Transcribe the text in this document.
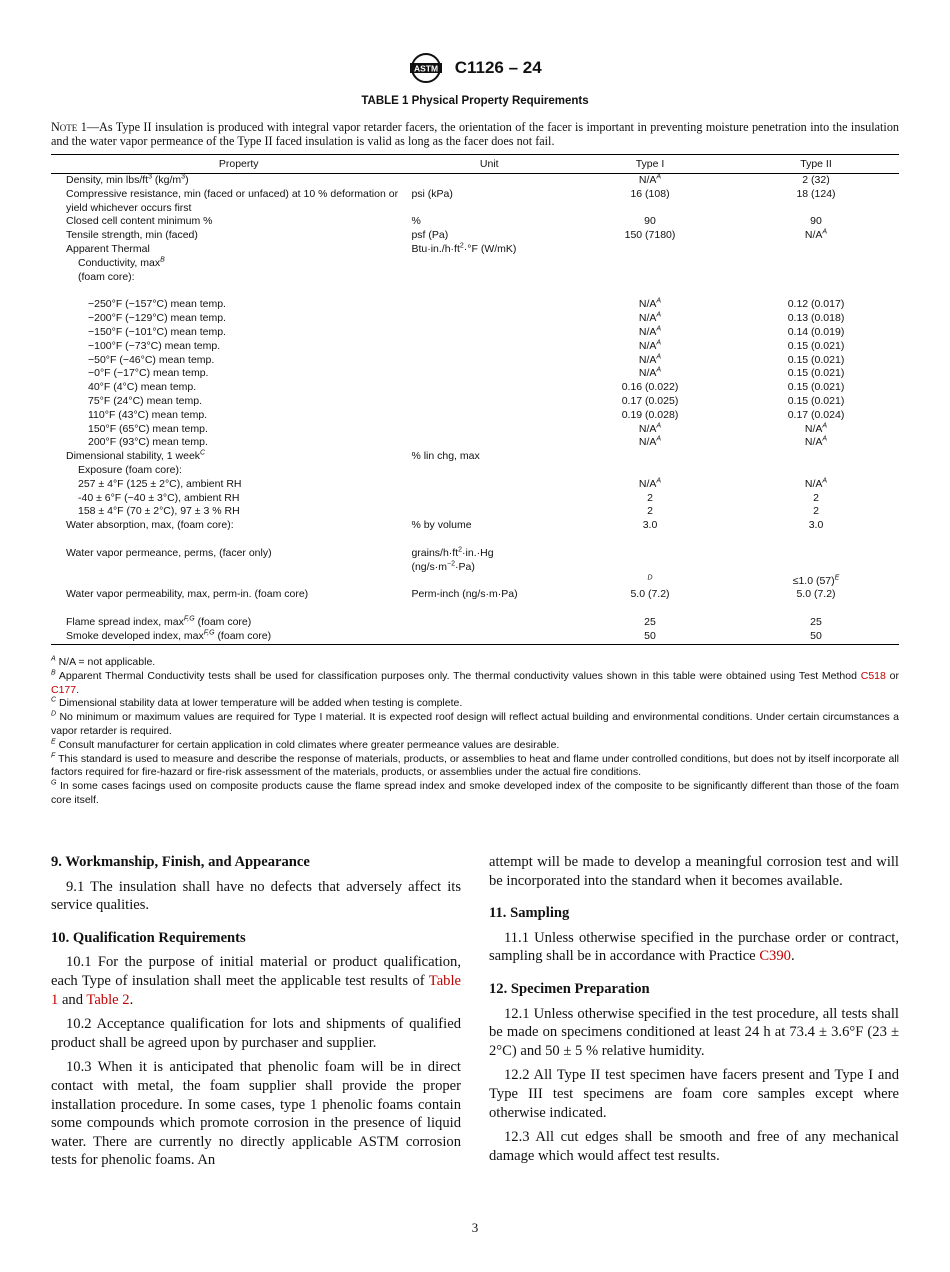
ASTM C1126 – 24
TABLE 1 Physical Property Requirements
Note 1—As Type II insulation is produced with integral vapor retarder facers, the orientation of the facer is important in preventing moisture penetration into the insulation and the water vapor permeance of the Type II faced insulation is valid as long as the facer does not fail.
Property	Unit	Type I	Type II
Density, min lbs/$ft^3$ $(kg/m^3)$		$N/A^A$	2 (32)
Compressive resistance, min (faced or unfaced) at 10 % deformation or yield whichever occurs first	psi (kPa)	16 (108)	18 (124)
Closed cell content minimum %	%	90	90
Tensile strength, min (faced)	psf (Pa)	150 (7180)	$N/A^A$
Apparent Thermal	$Btu\cdot in./h\cdot ft^2\cdot^\circ F$ (W/mK)		
Conductivity, $\max^B$			
(foam core):			

−250°F (−157°C) mean temp.		$N/A^A$	0.12 (0.017)
−200°F (−129°C) mean temp.		$N/A^A$	0.13 (0.018)
−150°F (−101°C) mean temp.		$N/A^A$	0.14 (0.019)
−100°F (−73°C) mean temp.		$N/A^A$	0.15 (0.021)
−50°F (−46°C) mean temp.		$N/A^A$	0.15 (0.021)
−0°F (−17°C) mean temp.		$N/A^A$	0.15 (0.021)
40°F (4°C) mean temp.		0.16 (0.022)	0.15 (0.021)
75°F (24°C) mean temp.		0.17 (0.025)	0.15 (0.021)
110°F (43°C) mean temp.		0.19 (0.028)	0.17 (0.024)
150°F (65°C) mean temp.		$N/A^A$	$N/A^A$
200°F (93°C) mean temp.		$N/A^A$	$N/A^A$
Dimensional stability, 1 week$^C$	% lin chg, max		
Exposure (foam core):			
257 ± 4°F (125 ± 2°C), ambient RH		$N/A^A$	$N/A^A$
-40 ± 6°F (−40 ± 3°C), ambient RH		2	2
158 ± 4°F (70 ± 2°C), 97 ± 3 % RH		2	2
Water absorption, max, (foam core):	% by volume	3.0	3.0

Water vapor permeance, perms, (facer only)	grains/$h\cdot ft^2\cdot in.\cdot Hg$		
	$(ng/s\cdot m^{-2}\cdot Pa)$		
		$^D$	≤1.0 $(57)^E$
Water vapor permeability, max, perm-in. (foam core)	Perm-inch (ng/s·m·Pa)	5.0 (7.2)	5.0 (7.2)

Flame spread index, $\max^{F,G}$ (foam core)		25	25
Smoke developed index, $\max^{F,G}$ (foam core)		50	50
$^A$ N/A = not applicable.
$^B$ Apparent Thermal Conductivity tests shall be used for classification purposes only. The thermal conductivity values shown in this table were obtained using Test Method C518 or C177.
$^C$ Dimensional stability data at lower temperature will be added when testing is complete.
$^D$ No minimum or maximum values are required for Type I material. It is expected roof design will reflect actual building and environmental conditions. Under certain circumstances a vapor retarder is required.
$^E$ Consult manufacturer for certain application in cold climates where greater permeance values are desirable.
$^F$ This standard is used to measure and describe the response of materials, products, or assemblies to heat and flame under controlled conditions, but does not by itself incorporate all factors required for fire-hazard or fire-risk assessment of the materials, products, or assemblies under the actual fire conditions.
$^G$ In some cases facings used on composite products cause the flame spread index and smoke developed index of the composite to be significantly different than those of the foam core itself.
9. Workmanship, Finish, and Appearance

9.1 The insulation shall have no defects that adversely affect its service qualities.

10. Qualification Requirements

10.1 For the purpose of initial material or product qualification, each Type of insulation shall meet the applicable test results of Table 1 and Table 2.

10.2 Acceptance qualification for lots and shipments of qualified product shall be agreed upon by purchaser and supplier.

10.3 When it is anticipated that phenolic foam will be in direct contact with metal, the foam supplier shall provide the proper installation procedure. In some cases, type 1 phenolic foams contain some compounds which promote corrosion in the presence of liquid water. There are currently no directly applicable ASTM corrosion tests for phenolic foams. An

attempt will be made to develop a meaningful corrosion test and will be incorporated into the standard when it becomes available.

11. Sampling

11.1 Unless otherwise specified in the purchase order or contract, sampling shall be in accordance with Practice C390.

12. Specimen Preparation

12.1 Unless otherwise specified in the test procedure, all tests shall be made on specimens conditioned at least 24 h at 73.4 ± 3.6°F (23 ± 2°C) and 50 ± 5 % relative humidity.

12.2 All Type II test specimen have facers present and Type I and Type III test specimens are foam core samples except where otherwise indicated.

12.3 All cut edges shall be smooth and free of any mechanical damage which would affect test results.

3
